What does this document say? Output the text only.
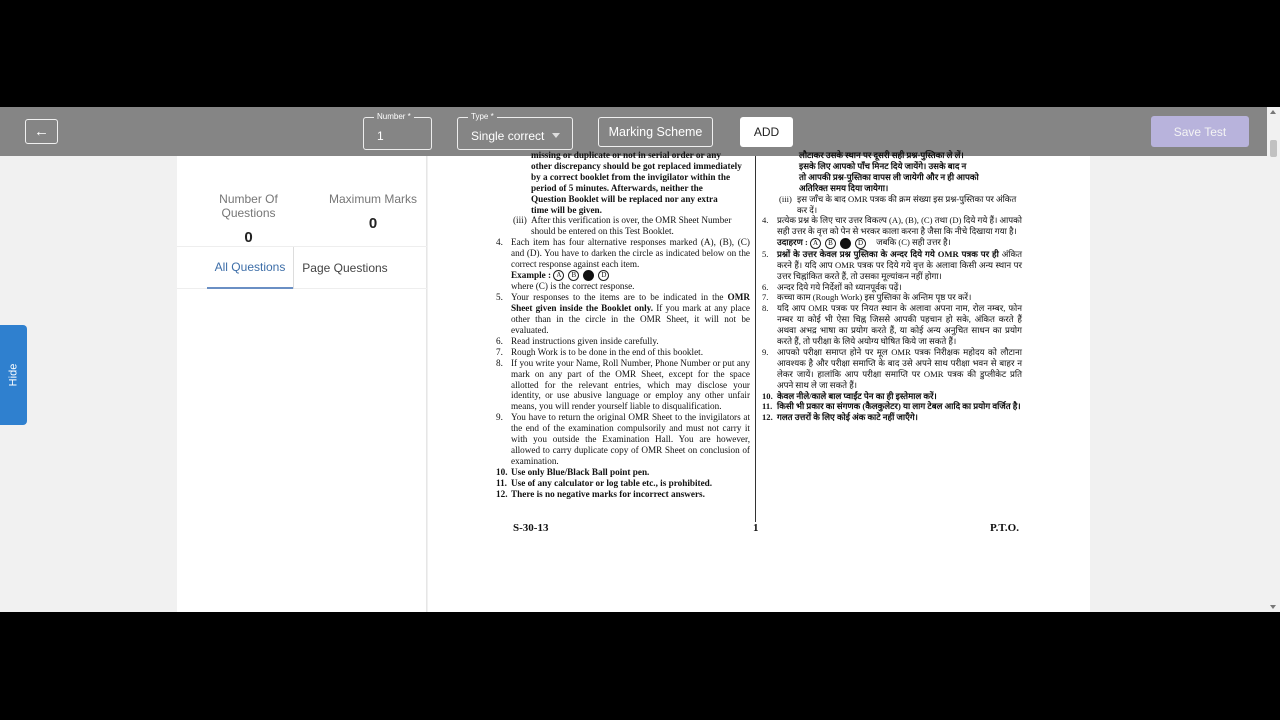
←
Number *
1
Type *
Single correct	Marking Scheme	ADD	Save Test
Hide
Number Of Questions
0
Maximum Marks
0
All Questions	Page Questions
missing or duplicate or not in serial order or any
other discrepancy should be got replaced immediately
by a correct booklet from the invigilator within the
period of 5 minutes. Afterwards, neither the
Question Booklet will be replaced nor any extra
time will be given.
(iii) After this verification is over, the OMR Sheet Number should be entered on this Test Booklet.
4. Each item has four alternative responses marked (A), (B), (C) and (D). You have to darken the circle as indicated below on the correct response against each item.
Example : A	B	D
where (C) is the correct response.
5. Your responses to the items are to be indicated in the OMR Sheet given inside the Booklet only. If you mark at any place other than in the circle in the OMR Sheet, it will not be evaluated.
6. Read instructions given inside carefully.
7. Rough Work is to be done in the end of this booklet.
8. If you write your Name, Roll Number, Phone Number or put any mark on any part of the OMR Sheet, except for the space allotted for the relevant entries, which may disclose your identity, or use abusive language or employ any other unfair means, you will render yourself liable to disqualification.
9. You have to return the original OMR Sheet to the invigilators at the end of the examination compulsorily and must not carry it with you outside the Examination Hall. You are however, allowed to carry duplicate copy of OMR Sheet on conclusion of examination.
10. Use only Blue/Black Ball point pen.
11. Use of any calculator or log table etc., is prohibited.
12. There is no negative marks for incorrect answers.
लौटाकर उसके स्थान पर दूसरी सही प्रश्न-पुस्तिका ले लें।
इसके लिए आपको पाँच मिनट दिये जायेंगे। उसके बाद न
तो आपकी प्रश्न-पुस्तिका वापस ली जायेगी और न ही आपको
अतिरिक्त समय दिया जायेगा।
(iii) इस जाँच के बाद OMR पत्रक की क्रम संख्या इस प्रश्न-पुस्तिका पर अंकित कर दें।
4. प्रत्येक प्रश्न के लिए चार उत्तर विकल्प (A), (B), (C) तथा (D) दिये गये हैं। आपको सही उत्तर के वृत्त को पेन से भरकर काला करना है जैसा कि नीचे दिखाया गया है।
उदाहरण : A	B	D	जबकि (C) सही उत्तर है।
5. प्रश्नों के उत्तर केवल प्रश्न पुस्तिका के अन्दर दिये गये OMR पत्रक पर ही अंकित करने हैं। यदि आप OMR पत्रक पर दिये गये वृत्त के अलावा किसी अन्य स्थान पर उत्तर चिह्नांकित करते हैं, तो उसका मूल्यांकन नहीं होगा।
6. अन्दर दिये गये निर्देशों को ध्यानपूर्वक पढ़ें।
7. कच्चा काम (Rough Work) इस पुस्तिका के अन्तिम पृष्ठ पर करें।
8. यदि आप OMR पत्रक पर नियत स्थान के अलावा अपना नाम, रोल नम्बर, फोन नम्बर या कोई भी ऐसा चिह्न जिससे आपकी पहचान हो सके, अंकित करते हैं अथवा अभद्र भाषा का प्रयोग करते हैं, या कोई अन्य अनुचित साधन का प्रयोग करते हैं, तो परीक्षा के लिये अयोग्य घोषित किये जा सकते हैं।
9. आपको परीक्षा समाप्त होने पर मूल OMR पत्रक निरीक्षक महोदय को लौटाना आवश्यक है और परीक्षा समाप्ति के बाद उसे अपने साथ परीक्षा भवन से बाहर न लेकर जायें। हालांकि आप परीक्षा समाप्ति पर OMR पत्रक की डुप्लीकेट प्रति अपने साथ ले जा सकते हैं।
10. केवल नीले/काले बाल प्वाईंट पेन का ही इस्तेमाल करें।
11. किसी भी प्रकार का संगणक (कैलकुलेटर) या लाग टेबल आदि का प्रयोग वर्जित है।
12. गलत उत्तरों के लिए कोई अंक काटे नहीं जाएँगे।
S-30-13	1	P.T.O.
